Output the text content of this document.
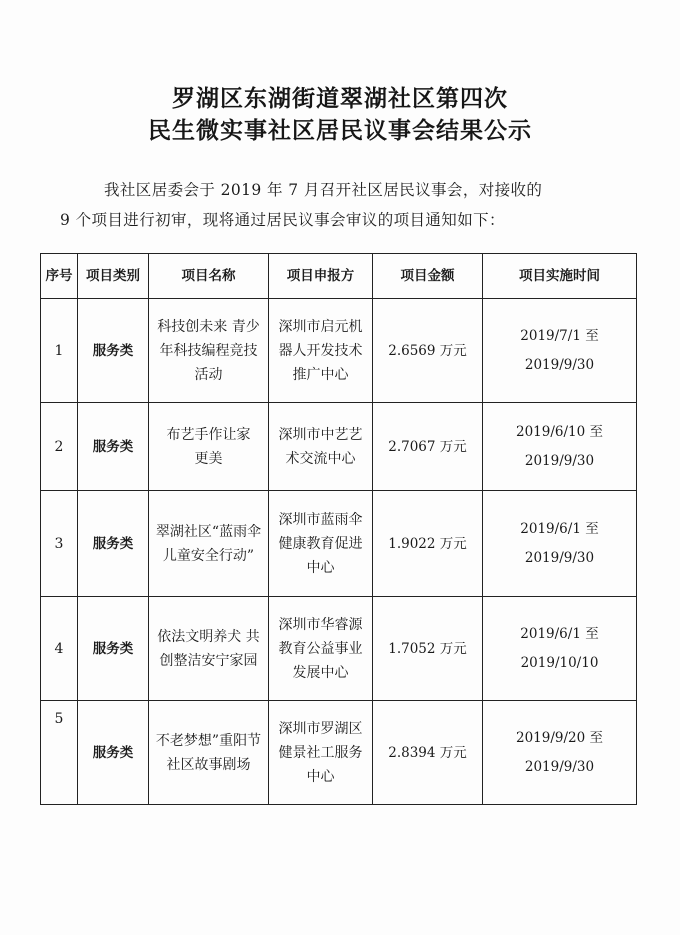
罗湖区东湖街道翠湖社区第四次
民生微实事社区居民议事会结果公示
我社区居委会于 2019 年 7 月召开社区居民议事会，对接收的
9 个项目进行初审，现将通过居民议事会审议的项目通知如下：
序号	项目类别	项目名称	项目申报方	项目金额	项目实施时间
1	服务类	科技创未来 青少
年科技编程竞技
活动	深圳市启元机
器人开发技术
推广中心	2.6569 万元	2019/7/1 至
2019/9/30

2	服务类	布艺手作让家
更美	深圳市中艺艺
术交流中心	2.7067 万元	2019/6/10 至
2019/9/30

3	服务类	翠湖社区“蓝雨伞
儿童安全行动”	深圳市蓝雨伞
健康教育促进
中心	1.9022 万元	2019/6/1 至
2019/9/30

4	服务类	依法文明养犬 共
创整洁安宁家园	深圳市华睿源
教育公益事业
发展中心	1.7052 万元	2019/6/1 至
2019/10/10

5	服务类	不老梦想”重阳节
社区故事剧场	深圳市罗湖区
健景社工服务
中心	2.8394 万元	2019/9/20 至
2019/9/30
